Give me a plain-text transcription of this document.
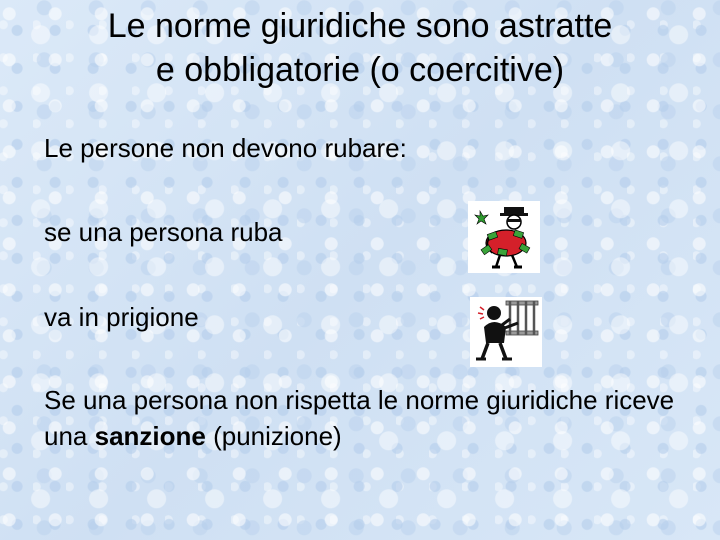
Le norme giuridiche sono astratte
e obbligatorie (o coercitive)
Le persone non devono rubare:
se una persona ruba
va in prigione
Se una persona non rispetta le norme giuridiche riceve una sanzione (punizione)
